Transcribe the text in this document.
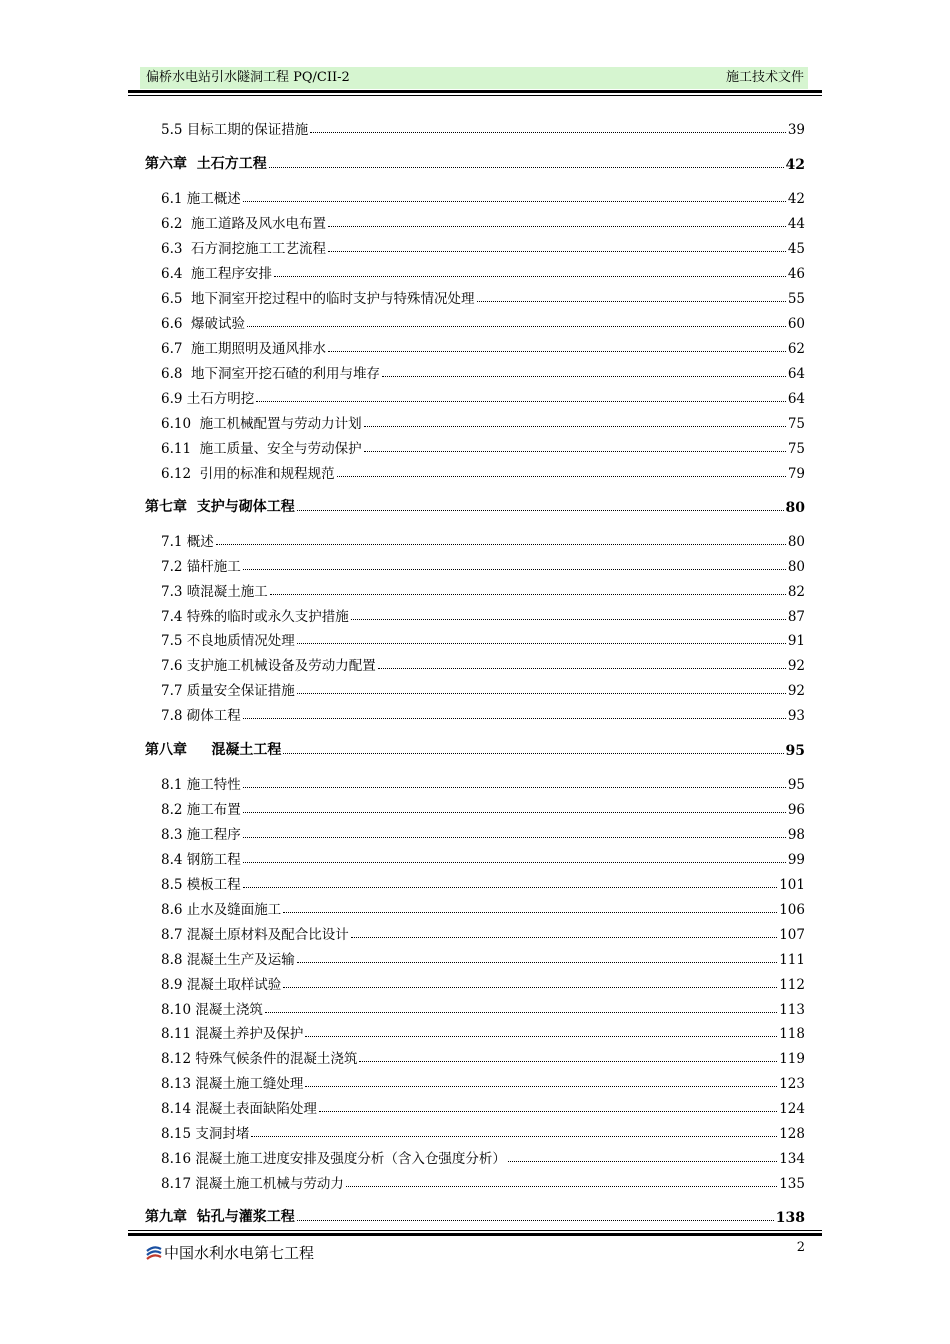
偏桥水电站引水隧洞工程 PQ/CII-2	施工技术文件
5.5 目标工期的保证措施	39
第六章  土石方工程	42
6.1 施工概述	42
6.2  施工道路及风水电布置	44
6.3  石方洞挖施工工艺流程	45
6.4  施工程序安排	46
6.5  地下洞室开挖过程中的临时支护与特殊情况处理	55
6.6  爆破试验	60
6.7  施工期照明及通风排水	62
6.8  地下洞室开挖石碴的利用与堆存	64
6.9 土石方明挖	64
6.10  施工机械配置与劳动力计划	75
6.11  施工质量、安全与劳动保护	75
6.12  引用的标准和规程规范	79
第七章  支护与砌体工程	80
7.1 概述	80
7.2 锚杆施工	80
7.3 喷混凝土施工	82
7.4 特殊的临时或永久支护措施	87
7.5 不良地质情况处理	91
7.6 支护施工机械设备及劳动力配置	92
7.7 质量安全保证措施	92
7.8 砌体工程	93
第八章     混凝土工程	95
8.1 施工特性	95
8.2 施工布置	96
8.3 施工程序	98
8.4 钢筋工程	99
8.5 模板工程	101
8.6 止水及缝面施工	106
8.7 混凝土原材料及配合比设计	107
8.8 混凝土生产及运输	111
8.9 混凝土取样试验	112
8.10 混凝土浇筑	113
8.11 混凝土养护及保护	118
8.12 特殊气候条件的混凝土浇筑	119
8.13 混凝土施工缝处理	123
8.14 混凝土表面缺陷处理	124
8.15 支洞封堵	128
8.16 混凝土施工进度安排及强度分析（含入仓强度分析）	134
8.17 混凝土施工机械与劳动力	135
第九章  钻孔与灌浆工程	138
中国水利水电第七工程	2
